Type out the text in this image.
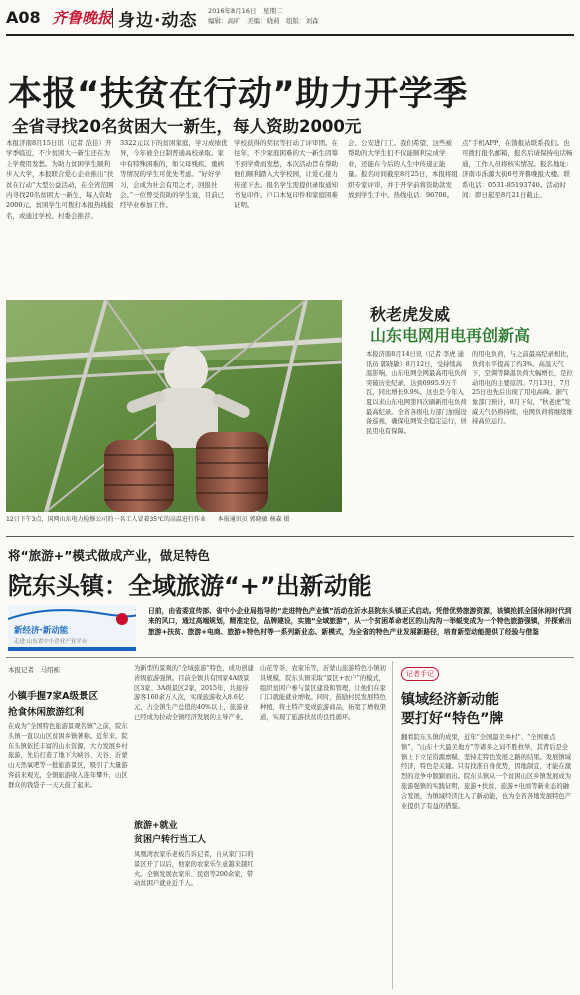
A08 齐鲁晚报 身边·动态 2016年8月16日　星期二
编辑：高旷　美编：晓莉　组版：刘森
本报“扶贫在行动”助力开学季
全省寻找20名贫困大一新生，每人资助2000元
本报济南8月15日讯（记者 范佳）开学季临近，不少贫困大一新生还在为上学费用发愁。为助力贫困学生顺利步入大学，本报联合爱心企业推出“扶贫在行动”大型公益活动，在全省范围内寻找20名贫困大一新生，每人资助2000元。贫困学生可拨打本报热线报名，或通过学校、村委会推荐。
3322元以下的贫困家庭，学习成绩优异，今年被全日制普通高校录取。家中有特殊困难的，如父母残疾、重病等情况的学生可优先考虑。“好好学习，会成为社会有用之才，回报社会。”一位曾受资助的学生说，目前已经毕业参加工作。
学校获得的奖状等打动了评审团。在往年，不少家庭困难的大一新生因筹不到学费而发愁，本次活动旨在帮助他们顺利踏入大学校园，让爱心接力传递下去。报名学生需提供录取通知书复印件、户口本复印件和家庭困难证明。
会、公安进门工。我们希望，这些被帮助的大学生们不仅能顺利完成学业，还能在今后的人生中传递正能量。报名时间截至8月25日，本报将组织专家评审，并于开学前将资助款发放到学生手中。热线电话：96706。
点”手机APP，在馈报站联系我们。也可拨打报名邮箱，报名后请保持电话畅通，工作人员将核实情况。报名地址：济南市泺源大街6号齐鲁晚报大楼。联系电话：0531-85193740。活动时间：即日起至8月21日截止。
12日下午3点，国网山东电力检修公司的一名工人冒着35℃的高温进行作业 本报通讯员 郭晓敏 杨森 摄
秋老虎发威
山东电网用电再创新高
本报济南8月14日讯（记者 李虎 通讯员 郭晓敏）8月12日，受持续高温影响，山东电网全网最高用电负荷突破历史纪录，达到6995.9万千瓦，同比增长9.9%。这也是今年入夏以来山东电网第四次刷新用电负荷最高纪录。全省各级电力部门加强设备巡视，确保电网安全稳定运行，居民用电有保障。
的用电负荷，与之前最高纪录相比，负荷水平提高了约3%。高温天气下，空调等降温负荷大幅增长，是拉动用电的主要原因。7月13日、7月25日也先后出现了用电高峰。据气象部门预计，8月下旬，“秋老虎”发威天气仍将持续，电网负荷将继续维持高位运行。
将“旅游+”模式做成产业，做足特色
院东头镇：全域旅游“+”出新动能
新经济·新动能
走进·山东省中小企业产业平台
日前，由省委宣传部、省中小企业局指导的“走进特色产业镇”活动在沂水县院东头镇正式启动。凭借优势旅游资源，该镇抢抓全国休闲时代到来的风口，通过高端规划，精准定位，品牌建设，实施“全域旅游”，从一个贫困革命老区的山沟沟一举蜕变成为一个特色旅游强镇，并探索出旅游+扶贫、旅游+电商、旅游+特色村等一系列新业态、新模式，为全省的特色产业发展新路径，培育新型动能提供了经验与借鉴
本报记者　马绍栋
小镇手握7家A级景区
抢食休闲旅游红利
在成为“全国特色旅游景观名镇”之前，院东头镇一直以山区贫困乡镇著称。近年来，院东头镇依托丰富的山水资源，大力发展乡村旅游，先后打造了地下大峡谷、天谷、沂蒙山天然氧吧等一批旅游景区，吸引了大量游客前来观光，全镇旅游收入连年攀升，山区群众的钱袋子一天天鼓了起来。
为新型的景观的“全域旅游”特色，成功创建省级旅游强镇。目前全镇共有国家4A级景区3家、3A级景区2家，2015年，共接待游客160余万人次，实现旅游收入8.6亿元，占全镇生产总值的40%以上，旅游业已经成为拉动全镇经济发展的主导产业。
旅游+就业
贫困户转行当工人
凤凰湾农家乐老板告诉记者，自从家门口的景区开了以后，他家的农家乐生意越来越红火。全镇发展农家乐、民宿等200余家，带动贫困户就业近千人。
山花等茶、农家乐等，沂蒙山旅游特色小镇初具规模，院东头镇采取“景区+农户”的模式，组织贫困户参与景区建设和管理，让他们在家门口就能就业增收。同时，鼓励村民发展特色种植，将土特产变成旅游商品，拓宽了增收渠道，实现了旅游扶贫的良性循环。
记者手记
镇域经济新动能
要打好“特色”牌
翻看院东头镇的成果，近年“全国最美乡村”、“全国重点镇”、“山东十大最美地方”等诸多之词不胜枚举，其背后是全镇上下立足资源禀赋、坚持走特色发展之路的结果。发展镇域经济，特色是关键。只有找准自身优势，因地制宜，才能在激烈的竞争中脱颖而出。院东头镇从一个贫困山区乡镇发展成为旅游强镇的实践证明，旅游+扶贫、旅游+电商等新业态的融合发展，为镇域经济注入了新动能，也为全省各地发展特色产业提供了有益的借鉴。
